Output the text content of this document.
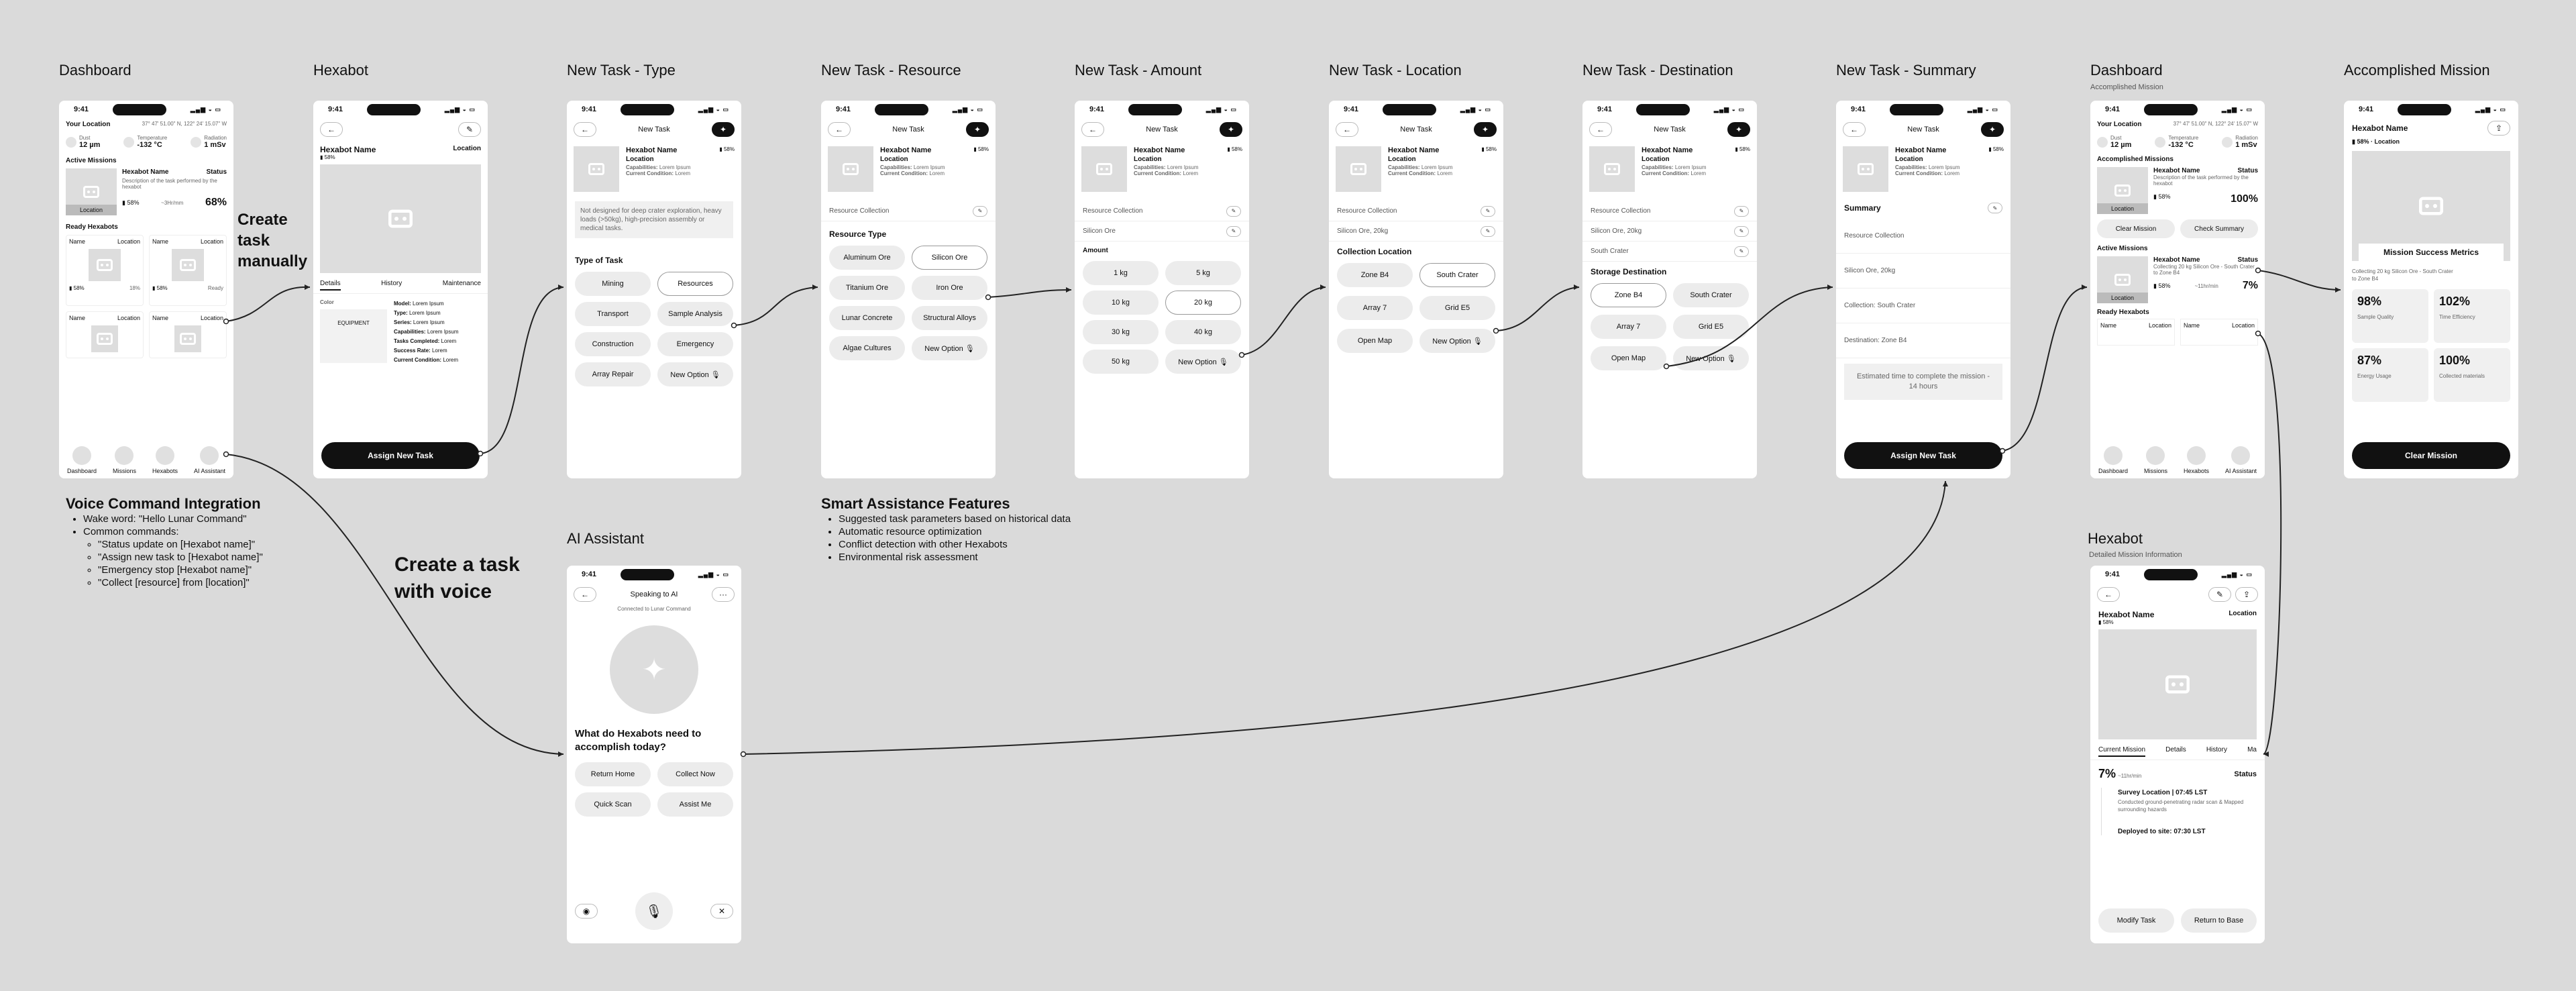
Dashboard	Hexabot	New Task - Type	New Task - Resource	New Task - Amount	New Task - Location	New Task - Destination	New Task - Summary	Dashboard
Accomplished Mission
Accomplished Mission
AI Assistant	Hexabot
Detailed Mission Information
9:41	▂▄▆ ◒ ▭
Your Location	37° 47' 51.00" N, 122° 24' 15.07" W
Dust
12 µm
Temperature
-132 °C
Radiation
1 mSv
Active Missions
Location
Hexabot Name	Status
Description of the task performed by the hexabot
▮ 58%	~3Hr/mm 68%
Ready Hexabots
Name	Location
▮ 58%	18%
Name	Location
▮ 58%	Ready
Name	Location Name	Location
Dashboard	Missions	Hexabots	AI Assistant
9:41	▂▄▆ ◒ ▭
←	✎
Hexabot Name	Location
▮ 58%
Details	History	Maintenance
Color
EQUIPMENT
Model: Lorem Ipsum
Type: Lorem Ipsum
Series: Lorem Ipsum
Capabilities: Lorem Ipsum
Tasks Completed: Lorem
Success Rate: Lorem
Current Condition: Lorem
Assign New Task
9:41	▂▄▆ ◒ ▭
←	New Task	✦
Hexabot Name	▮ 58%
Location
Capabilities: Lorem Ipsum
Current Condition: Lorem
Not designed for deep crater exploration, heavy loads (>50kg), high-precision assembly or medical tasks.
Type of Task
Mining	Resources
Transport	Sample Analysis
Construction	Emergency
Array Repair	New Option 🎙
9:41	▂▄▆ ◒ ▭
←	New Task	✦
Hexabot Name	▮ 58%
Location
Capabilities: Lorem Ipsum
Current Condition: Lorem
Resource Collection	✎
Resource Type
Aluminum Ore	Silicon Ore
Titanium Ore	Iron Ore
Lunar Concrete	Structural Alloys
Algae Cultures	New Option 🎙
9:41	▂▄▆ ◒ ▭
←	New Task	✦
Hexabot Name	▮ 58%
Location
Capabilities: Lorem Ipsum
Current Condition: Lorem
Resource Collection	✎
Silicon Ore	✎
Amount
1 kg	5 kg
10 kg	20 kg
30 kg	40 kg
50 kg	New Option 🎙
9:41	▂▄▆ ◒ ▭
←	New Task	✦
Hexabot Name	▮ 58%
Location
Capabilities: Lorem Ipsum
Current Condition: Lorem
Resource Collection	✎
Silicon Ore, 20kg	✎
Collection Location
Zone B4	South Crater
Array 7	Grid E5
Open Map	New Option 🎙
9:41	▂▄▆ ◒ ▭
←	New Task	✦
Hexabot Name	▮ 58%
Location
Capabilities: Lorem Ipsum
Current Condition: Lorem
Resource Collection	✎
Silicon Ore, 20kg	✎
South Crater	✎
Storage Destination
Zone B4	South Crater
Array 7	Grid E5
Open Map	New Option 🎙
9:41	▂▄▆ ◒ ▭
←	New Task	✦
Hexabot Name	▮ 58%
Location
Capabilities: Lorem Ipsum
Current Condition: Lorem
Summary	✎
Resource Collection
Silicon Ore, 20kg
Collection: South Crater
Destination: Zone B4
Estimated time to complete the mission - 14 hours
Assign New Task
9:41	▂▄▆ ◒ ▭
Your Location	37° 47' 51.00" N, 122° 24' 15.07" W
Dust
12 µm
Temperature
-132 °C
Radiation
1 mSv
Accomplished Missions
Location
Hexabot Name	Status
Description of the task performed by the hexabot
▮ 58%	100%
Clear Mission	Check Summary
Active Missions
Location
Hexabot Name	Status
Collecting 20 kg Silicon Ore - South Crater to Zone B4
▮ 58%	~11hr/min 7%
Ready Hexabots
Name	Location Name	Location
Dashboard	Missions	Hexabots	AI Assistant
9:41	▂▄▆ ◒ ▭
Hexabot Name	⇪
▮ 58% · Location
Mission Success Metrics
Collecting 20 kg Silicon Ore - South Crater to Zone B4
98%
Sample Quality
102%
Time Efficiency
87%
Energy Usage
100%
Collected materials
Clear Mission
9:41	▂▄▆ ◒ ▭
←	Speaking to AI	···
Connected to Lunar Command
✦
What do Hexabots need to accomplish today?
Return Home	Collect Now
Quick Scan	Assist Me
◉	🎙	✕
9:41	▂▄▆ ◒ ▭
←	✎	⇪
Hexabot Name	Location
▮ 58%
Current Mission	Details	History	Ma
7% ~11hr/min	Status
Survey Location | 07:45 LST
Conducted ground-penetrating radar scan & Mapped surrounding hazards
Deployed to site: 07:30 LST
Modify Task	Return to Base
Voice Command Integration
• Wake word: "Hello Lunar Command"
• Common commands:
◦ "Status update on [Hexabot name]"
◦ "Assign new task to [Hexabot name]"
◦ "Emergency stop [Hexabot name]"
◦ "Collect [resource] from [location]"
Smart Assistance Features
• Suggested task parameters based on historical data
• Automatic resource optimization
• Conflict detection with other Hexabots
• Environmental risk assessment
Create task manually
Create a task with voice
